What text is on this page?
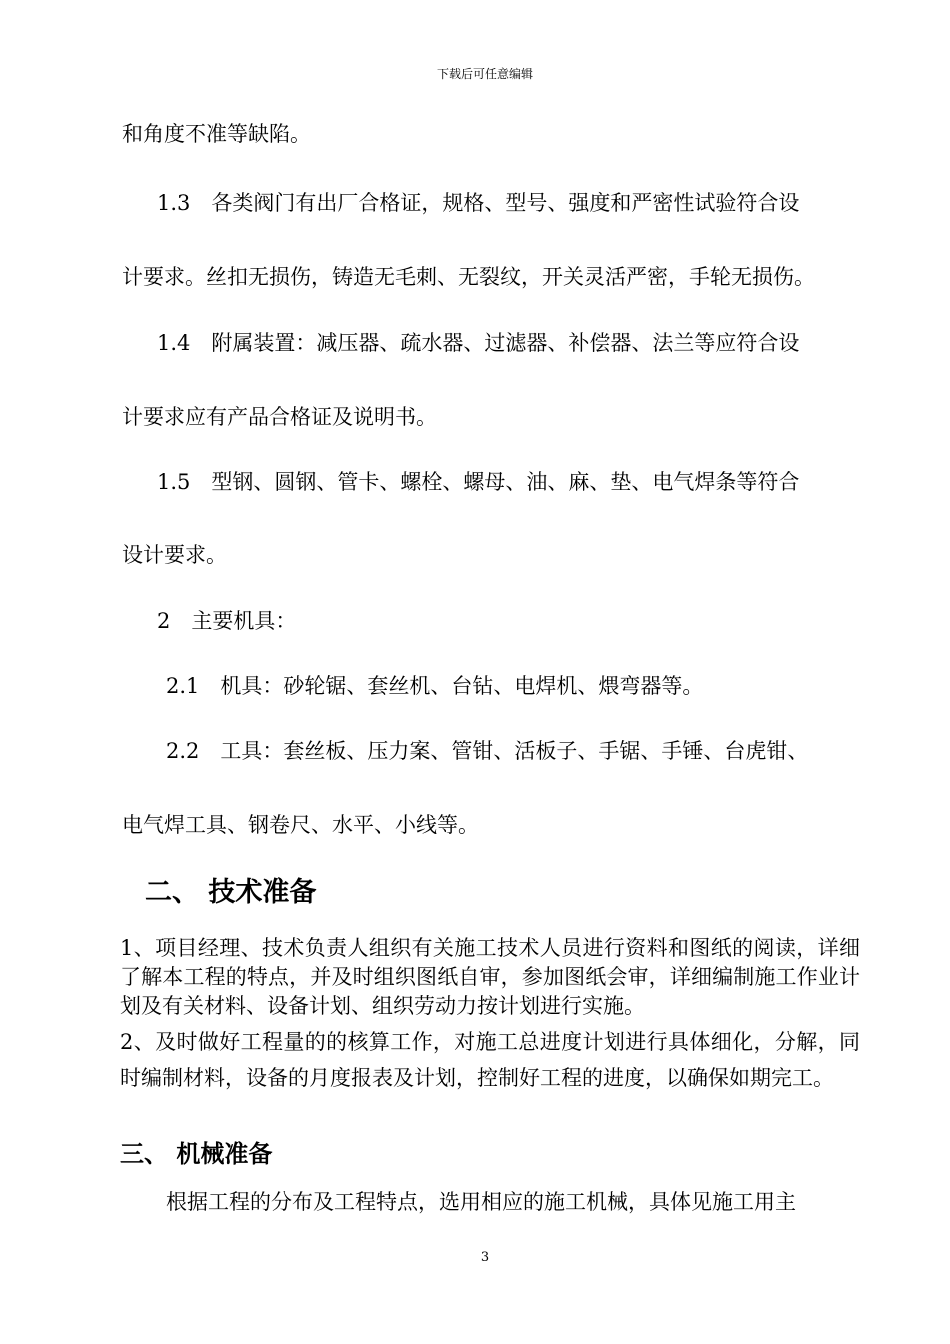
下载后可任意编辑
和角度不准等缺陷。
1.3　各类阀门有出厂合格证，规格、型号、强度和严密性试验符合设
计要求。丝扣无损伤，铸造无毛刺、无裂纹，开关灵活严密，手轮无损伤。
1.4　附属装置：减压器、疏水器、过滤器、补偿器、法兰等应符合设
计要求应有产品合格证及说明书。
1.5　型钢、圆钢、管卡、螺栓、螺母、油、麻、垫、电气焊条等符合
设计要求。
2　主要机具：
2.1　机具：砂轮锯、套丝机、台钻、电焊机、煨弯器等。
2.2　工具：套丝板、压力案、管钳、活板子、手锯、手锤、台虎钳、
电气焊工具、钢卷尺、水平、小线等。
二、 技术准备

1、项目经理、技术负责人组织有关施工技术人员进行资料和图纸的阅读，详细了解本工程的特点，并及时组织图纸自审，参加图纸会审，详细编制施工作业计划及有关材料、设备计划、组织劳动力按计划进行实施。

2、及时做好工程量的的核算工作，对施工总进度计划进行具体细化，分解，同时编制材料，设备的月度报表及计划，控制好工程的进度，以确保如期完工。

三、 机械准备
根据工程的分布及工程特点，选用相应的施工机械，具体见施工用主
3
